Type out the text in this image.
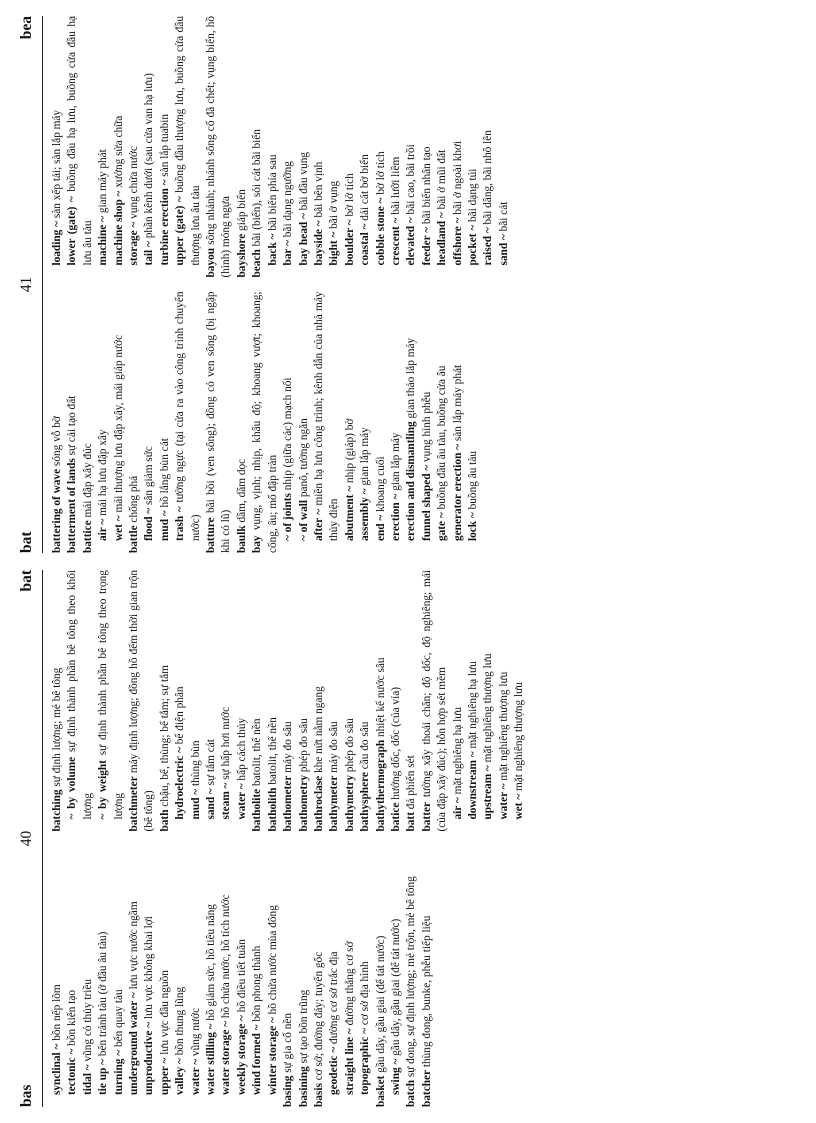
bas
40
bat
synclinal ~ bồn nếp lõm
tectonic ~ bồn kiến tạo
tidal ~ vũng có thủy triều
tie up ~ bến tránh tàu (ở đầu âu tàu)
turning ~ bến quay tàu underground water ~ lưu vực nước ngầm
unproductive ~ lưu vực không khai lợi
upper ~ lưu vực đầu nguồn
valley ~ bồn thung lũng
water ~ vũng nước water stilling ~ hồ giảm sức, hồ tiêu năng
water storage ~ hồ chứa nước, hồ tích nước
weekly storage ~ hồ điều tiết tuần
wind formed ~ bồn phong thành
winter storage ~ hồ chứa nước mùa đông
basing sự gia cố nền
basining sự tạo bồn trũng
basis cơ sở; đường đáy; tuyến gốc geodetic ~ đường cơ sở trắc địa
straight line ~ đường thẳng cơ sở
topographic ~ cơ sở địa hình
basket gầu dây, gầu giai (để tát nước)
swing ~ gầu dây, gầu giai (để tát nước)
batch sự đong, sự định lượng; mẻ trộn, mẻ bê tông
batcher thùng đong, bunke, phễu tiếp liệu
batching sự định lượng; mẻ bê tông
~ by volume sự định thành phần bê tông theo khối lượng ~ by weight sự định thành phần bê tông theo trọng lượng batchmeter máy định lượng; đồng hồ đếm thời gian trộn (bê tông) bath chậu, bể, thùng; bể tắm; sự tắm hydroelectric ~ bể điện phân
mud ~ thùng bùn
sand ~ sự tắm cát
steam ~ sự hấp hơi nước
water ~ hấp cách thủy
batholite batolit, thể nền
batholith batolit, thể nền
bathometer máy đo sâu
bathometry phép đo sâu
bathroclase khe nứt nằm ngang
bathymeter máy đo sâu
bathymetry phép đo sâu
bathysphere cầu đo sâu bathythermograph nhiệt kế nước sâu
batice hướng dốc, dốc (của vỉa)
batt đá phiến sét
batter tường xây thoải chân; độ dốc, độ nghiêng; mái (của đập xây đúc); hỗn hợp sét mềm air ~ mặt nghiêng hạ lưu downstream ~ mặt nghiêng hạ lưu
upstream ~ mặt nghiêng thượng lưu
water ~ mặt nghiêng thượng lưu
wet ~ mặt nghiêng thượng lưu
bat
41
bea
battering of wave sóng vỗ bờ
batterment of lands sự cải tạo đất
battice mái đập xây đúc
air ~ mái hạ lưu đập xây
wet ~ mái thượng lưu đập xây, mái giáp nước
battle chống phá
flood ~ sân giảm sức
mud ~ hồ lắng bùn cát
trash ~ tường ngực (tại cửa ra vào công trình chuyển nước) batture bãi bồi (ven sông); đồng cỏ ven sông (bị ngập khi có lũ) baulk dầm, dầm dọc
bay vụng, vịnh; nhịp, khẩu độ; khoang vượt; khoang; cống, âu; mố đập tràn ~ of joints nhịp (giữa các) mạch nối
~ of wall panô, tường ngăn
after ~ miền hạ lưu công trình; kênh dẫn của nhà máy thủy điện abutment ~ nhịp (giáp) bờ
assembly ~ gian lắp máy
end ~ khoang cuối
erection ~ gian lắp máy erection and dismantling gian tháo lắp máy
funnel shaped ~ vụng hình phễu
gate ~ buồng đầu âu tàu, buồng cửa âu generator erection ~ sàn lắp máy phát
lock ~ buồng âu tàu
loading ~ sàn xếp tải; sàn lắp máy
lower (gate) ~ buồng đầu hạ lưu, buồng cửa đầu hạ lưu âu tàu machine ~ gian máy phát
machine shop ~ xưởng sửa chữa
storage ~ vụng chứa nước
tail ~ phần kênh dưới (sau cửa van hạ lưu) turbine erection ~ sàn lắp tuabin
upper (gate) ~ buồng đầu thượng lưu, buồng cửa đầu thượng lưu âu tàu bayou sông nhánh; nhánh sông cổ đã chết; vụng biển, hồ (hình) móng ngựa bayshore giáp biển
beach bãi (biển), sỏi cát bãi biển
back ~ bãi biển phía sau
bar ~ bãi dạng ngưỡng
bay head ~ bãi đầu vụng
bayside ~ bãi bên vịnh
bight ~ bãi ở vụng
boulder ~ bờ lở tích
coastal ~ dải cát bờ biển
cobble stone ~ bờ lở tích
crescent ~ bãi lưỡi liềm
elevated ~ bãi cao, bãi trồi
feeder ~ bãi biển nhân tạo
headland ~ bãi ở mũi đất
offshore ~ bãi ở ngoài khơi
pocket ~ bãi dạng túi
raised ~ bãi dâng, bãi nhô lên
sand ~ bãi cát
